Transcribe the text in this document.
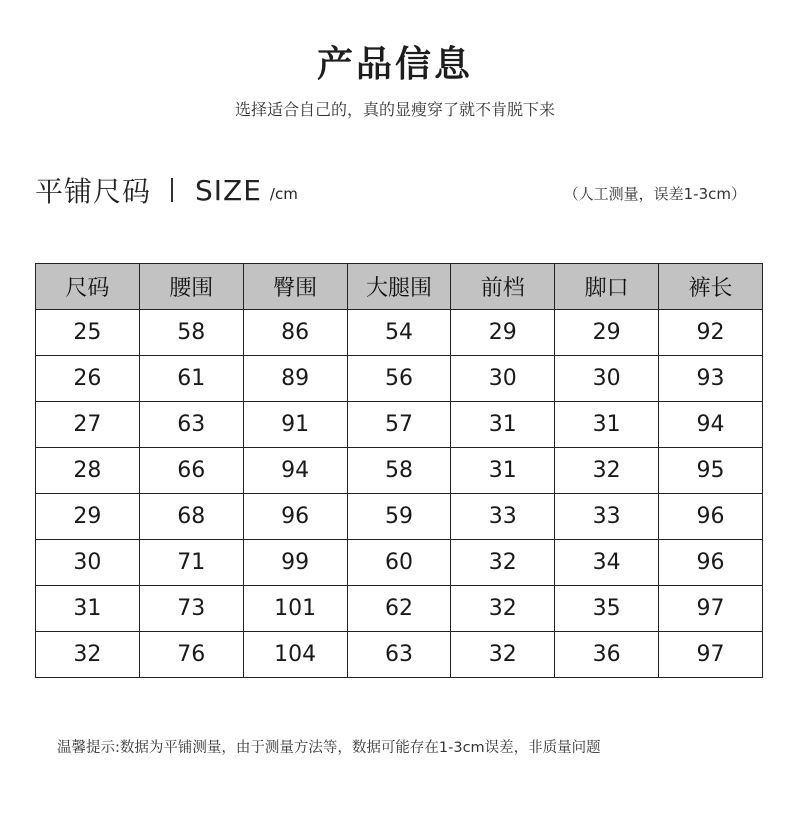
产品信息
选择适合自己的，真的显瘦穿了就不肯脱下来
平铺尺码 SIZE /cm	（人工测量，误差1-3cm）
尺码	腰围	臀围	大腿围	前档	脚口	裤长
25	58	86	54	29	29	92
26	61	89	56	30	30	93
27	63	91	57	31	31	94
28	66	94	58	31	32	95
29	68	96	59	33	33	96
30	71	99	60	32	34	96
31	73	101	62	32	35	97
32	76	104	63	32	36	97
温馨提示:数据为平铺测量，由于测量方法等，数据可能存在1-3cm误差，非质量问题
